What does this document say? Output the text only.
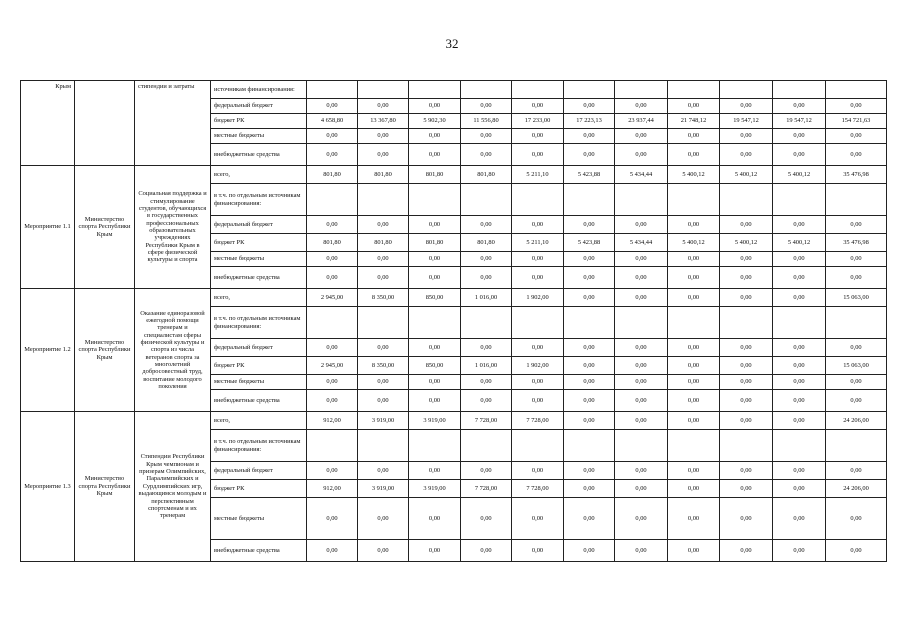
32
Крым		стипендии и затраты	источникам финансирования:											
			федеральный бюджет	0,00	0,00	0,00	0,00	0,00	0,00	0,00	0,00	0,00	0,00	0,00
			бюджет РК	4 658,80	13 367,80	5 902,30	11 556,80	17 233,00	17 223,13	23 937,44	21 748,12	19 547,12	19 547,12	154 721,63
			местные бюджеты	0,00	0,00	0,00	0,00	0,00	0,00	0,00	0,00	0,00	0,00	0,00
			внебюджетные средства	0,00	0,00	0,00	0,00	0,00	0,00	0,00	0,00	0,00	0,00	0,00
Мероприятие 1.1	Министерство спорта Республики Крым	Социальная поддержка и стимулирование студентов, обучающихся в государственных профессиональных образовательных учреждениях Республики Крым в сфере физической культуры и спорта	всего,	801,80	801,80	801,80	801,80	5 211,10	5 423,88	5 434,44	5 400,12	5 400,12	5 400,12	35 476,98
			в т.ч. по отдельным источникам финансирования:											
			федеральный бюджет	0,00	0,00	0,00	0,00	0,00	0,00	0,00	0,00	0,00	0,00	0,00
			бюджет РК	801,80	801,80	801,80	801,80	5 211,10	5 423,88	5 434,44	5 400,12	5 400,12	5 400,12	35 476,98
			местные бюджеты	0,00	0,00	0,00	0,00	0,00	0,00	0,00	0,00	0,00	0,00	0,00
			внебюджетные средства	0,00	0,00	0,00	0,00	0,00	0,00	0,00	0,00	0,00	0,00	0,00
Мероприятие 1.2	Министерство спорта Республики Крым	Оказание единоразовой ежегодной помощи тренерам и специалистам сферы физической культуры и спорта из числа ветеранов спорта за многолетний добросовестный труд, воспитание молодого поколения	всего,	2 945,00	8 350,00	850,00	1 016,00	1 902,00	0,00	0,00	0,00	0,00	0,00	15 063,00
			в т.ч. по отдельным источникам финансирования:											
			федеральный бюджет	0,00	0,00	0,00	0,00	0,00	0,00	0,00	0,00	0,00	0,00	0,00
			бюджет РК	2 945,00	8 350,00	850,00	1 016,00	1 902,00	0,00	0,00	0,00	0,00	0,00	15 063,00
			местные бюджеты	0,00	0,00	0,00	0,00	0,00	0,00	0,00	0,00	0,00	0,00	0,00
			внебюджетные средства	0,00	0,00	0,00	0,00	0,00	0,00	0,00	0,00	0,00	0,00	0,00
Мероприятие 1.3	Министерство спорта Республики Крым	Стипендии Республики Крым чемпионам и призерам Олимпийских, Паралимпийских и Сурдлимпийских игр, выдающимся молодым и перспективным спортсменам и их тренерам	всего,	912,00	3 919,00	3 919,00	7 728,00	7 728,00	0,00	0,00	0,00	0,00	0,00	24 206,00
			в т.ч. по отдельным источникам финансирования:											
			федеральный бюджет	0,00	0,00	0,00	0,00	0,00	0,00	0,00	0,00	0,00	0,00	0,00
			бюджет РК	912,00	3 919,00	3 919,00	7 728,00	7 728,00	0,00	0,00	0,00	0,00	0,00	24 206,00
			местные бюджеты	0,00	0,00	0,00	0,00	0,00	0,00	0,00	0,00	0,00	0,00	0,00
			внебюджетные средства	0,00	0,00	0,00	0,00	0,00	0,00	0,00	0,00	0,00	0,00	0,00
